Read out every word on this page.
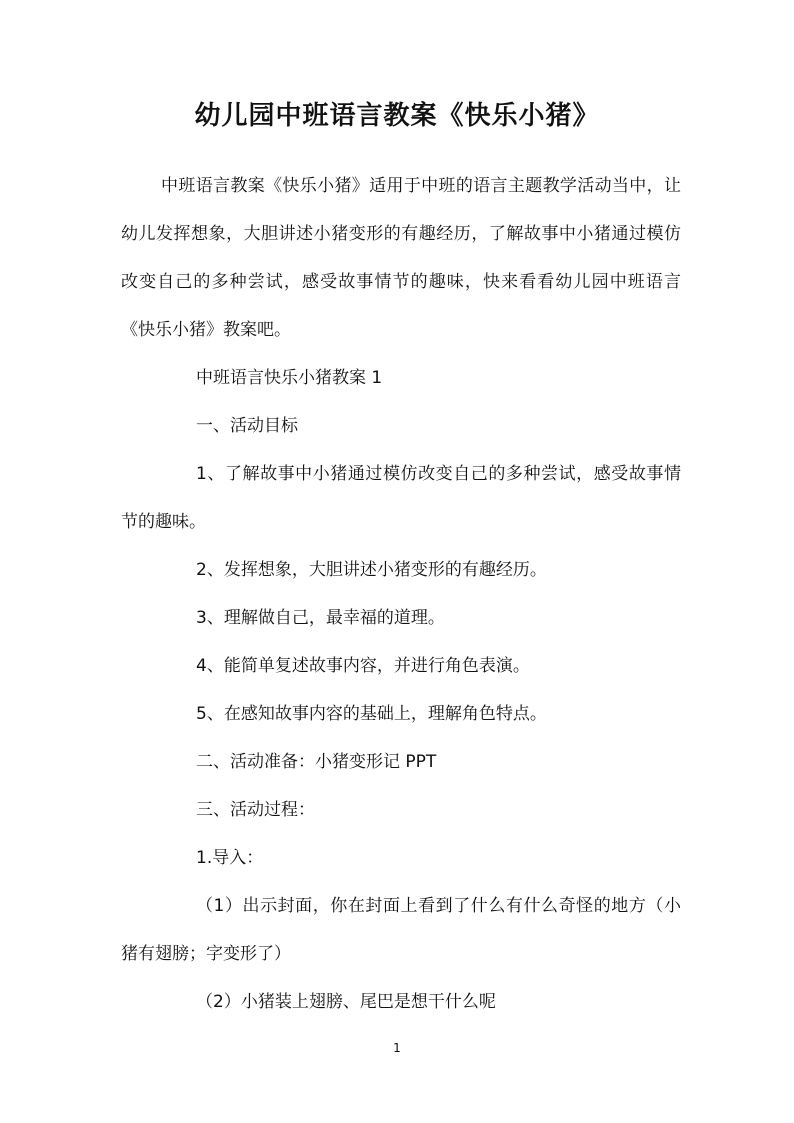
幼儿园中班语言教案《快乐小猪》

中班语言教案《快乐小猪》适用于中班的语言主题教学活动当中，让幼儿发挥想象，大胆讲述小猪变形的有趣经历，了解故事中小猪通过模仿改变自己的多种尝试，感受故事情节的趣味，快来看看幼儿园中班语言《快乐小猪》教案吧。

中班语言快乐小猪教案 1

一、活动目标

1、了解故事中小猪通过模仿改变自己的多种尝试，感受故事情节的趣味。

2、发挥想象，大胆讲述小猪变形的有趣经历。

3、理解做自己，最幸福的道理。

4、能简单复述故事内容，并进行角色表演。

5、在感知故事内容的基础上，理解角色特点。

二、活动准备：小猪变形记 PPT

三、活动过程：

1.导入：

（1）出示封面，你在封面上看到了什么有什么奇怪的地方（小猪有翅膀；字变形了）

（2）小猪装上翅膀、尾巴是想干什么呢

1
